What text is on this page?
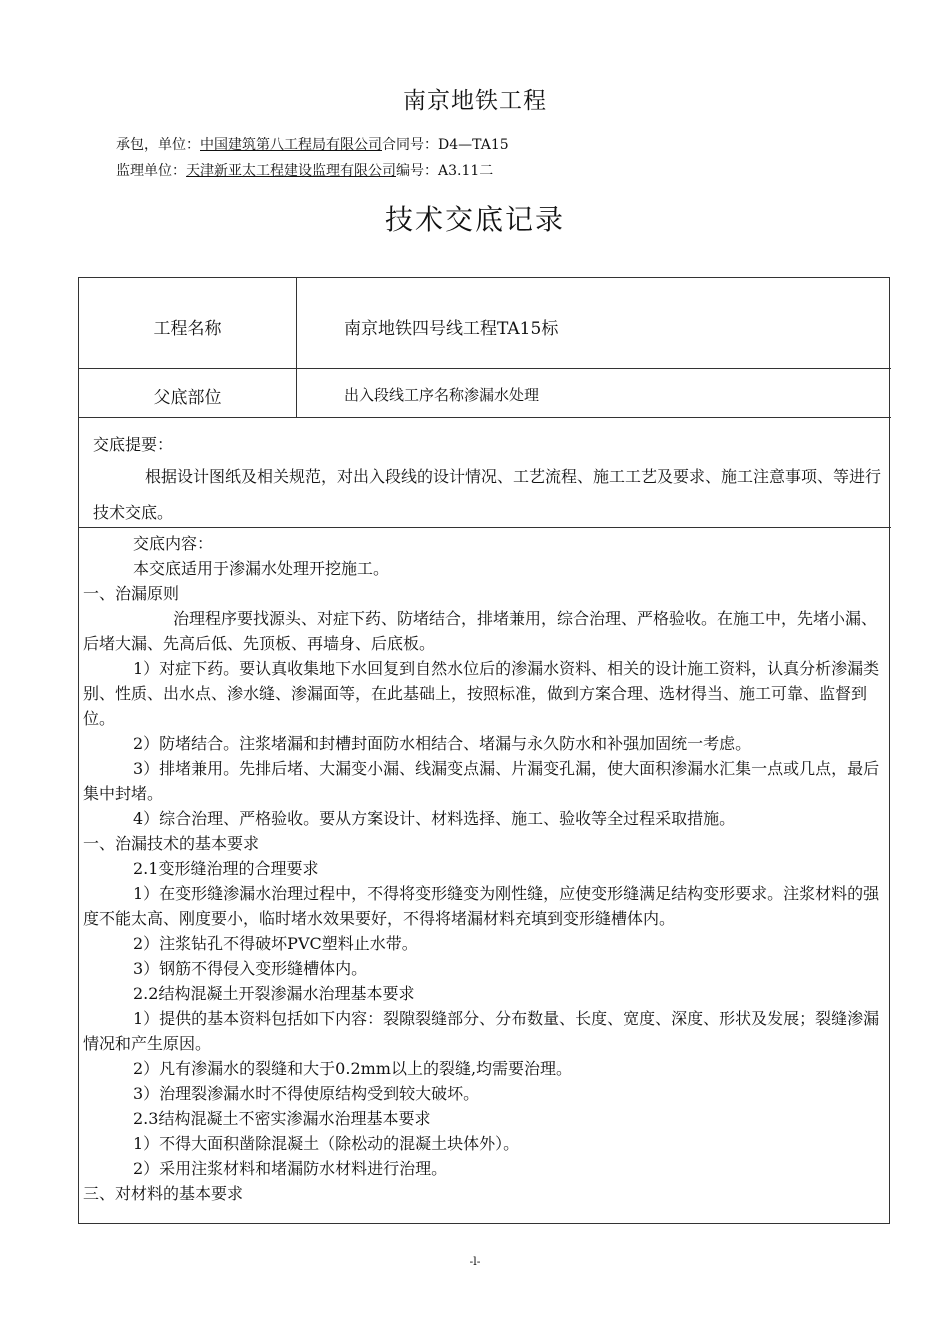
南京地铁工程
承包，单位：中国建筑第八工程局有限公司合同号：D4—TA15
监理单位：天津新亚太工程建设监理有限公司编号：A3.11二
技术交底记录
工程名称	南京地铁四号线工程TA15标
父底部位	出入段线工序名称渗漏水处理
交底提要：
根据设计图纸及相关规范，对出入段线的设计情况、工艺流程、施工工艺及要求、施工注意事项、等进行技术交底。

交底内容：

本交底适用于渗漏水处理开挖施工。

一、治漏原则

治理程序要找源头、对症下药、防堵结合，排堵兼用，综合治理、严格验收。在施工中，先堵小漏、后堵大漏、先高后低、先顶板、再墙身、后底板。

1）对症下药。要认真收集地下水回复到自然水位后的渗漏水资料、相关的设计施工资料，认真分析渗漏类别、性质、出水点、渗水缝、渗漏面等，在此基础上，按照标准，做到方案合理、选材得当、施工可靠、监督到位。

2）防堵结合。注浆堵漏和封槽封面防水相结合、堵漏与永久防水和补强加固统一考虑。

3）排堵兼用。先排后堵、大漏变小漏、线漏变点漏、片漏变孔漏，使大面积渗漏水汇集一点或几点，最后集中封堵。

4）综合治理、严格验收。要从方案设计、材料选择、施工、验收等全过程采取措施。

一、治漏技术的基本要求

2.1变形缝治理的合理要求

1）在变形缝渗漏水治理过程中，不得将变形缝变为刚性缝，应使变形缝满足结构变形要求。注浆材料的强度不能太高、刚度要小，临时堵水效果要好，不得将堵漏材料充填到变形缝槽体内。

2）注浆钻孔不得破坏PVC塑料止水带。

3）钢筋不得侵入变形缝槽体内。

2.2结构混凝土开裂渗漏水治理基本要求

1）提供的基本资料包括如下内容：裂隙裂缝部分、分布数量、长度、宽度、深度、形状及发展；裂缝渗漏情况和产生原因。

2）凡有渗漏水的裂缝和大于0.2mm以上的裂缝,均需要治理。

3）治理裂渗漏水时不得使原结构受到较大破坏。

2.3结构混凝土不密实渗漏水治理基本要求

1）不得大面积凿除混凝土（除松动的混凝土块体外）。

2）采用注浆材料和堵漏防水材料进行治理。

三、对材料的基本要求

-l-
